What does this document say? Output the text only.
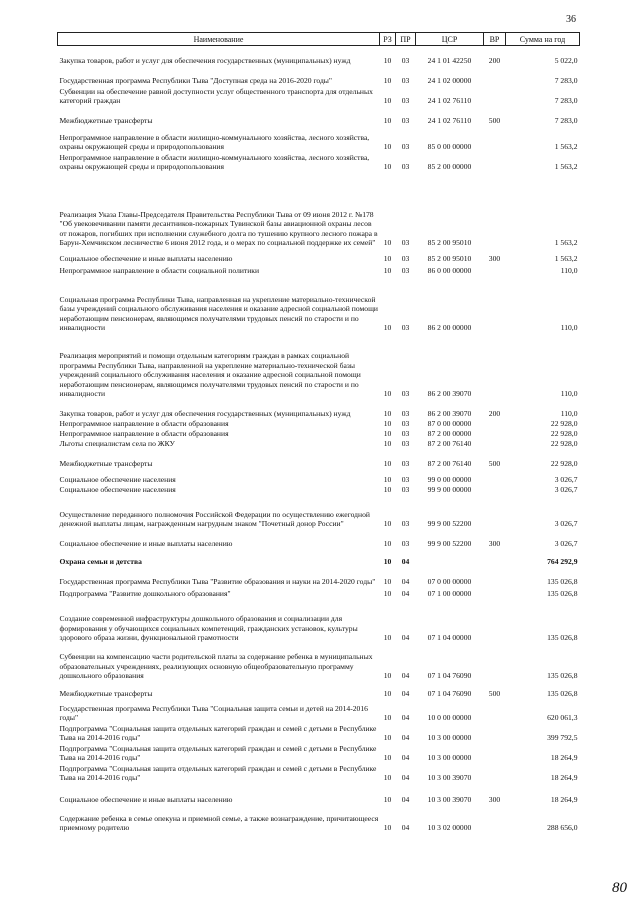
36
Наименование	РЗ	ПР	ЦСР	ВР	Сумма на год
Закупка товаров, работ и услуг для обеспечения государственных (муниципальных) нужд	10	03	24 1 01 42250	200	5 022,0
Государственная программа Республики Тыва "Доступная среда на 2016-2020 годы"	10	03	24 1 02 00000		7 283,0
Субвенции на обеспечение равной доступности услуг общественного транспорта для отдельных категорий граждан	10	03	24 1 02 76110		7 283,0
Межбюджетные трансферты	10	03	24 1 02 76110	500	7 283,0
Непрограммное направление в области жилищно-коммунального хозяйства, лесного хозяйства, охраны окружающей среды и природопользования	10	03	85 0 00 00000		1 563,2
Непрограммное направление в области жилищно-коммунального хозяйства, лесного хозяйства, охраны окружающей среды и природопользования	10	03	85 2 00 00000		1 563,2
Реализация Указа Главы-Председателя Правительства Республики Тыва от 09 июня 2012 г. №178 "Об увековечивании памяти десантников-пожарных Тувинской базы авиационной охраны лесов от пожаров, погибших при исполнении служебного долга по тушению крупного лесного пожара в Барун-Хемчикском лесничестве 6 июня 2012 года, и о мерах по социальной поддержке их семей"	10	03	85 2 00 95010		1 563,2
Социальное обеспечение и иные выплаты населению	10	03	85 2 00 95010	300	1 563,2
Непрограммное направление в области социальной политики	10	03	86 0 00 00000		110,0
Социальная программа Республики Тыва, направленная на укрепление материально-технической базы учреждений социального обслуживания населения и оказание адресной социальной помощи неработающим пенсионерам, являющимся получателями трудовых пенсий по старости и по инвалидности	10	03	86 2 00 00000		110,0
Реализация мероприятий и помощи отдельным категориям граждан в рамках социальной программы Республики Тыва, направленной на укрепление материально-технической базы учреждений социального обслуживания населения и оказание адресной социальной помощи неработающим пенсионерам, являющимся получателями трудовых пенсий по старости и по инвалидности	10	03	86 2 00 39070		110,0
Закупка товаров, работ и услуг для обеспечения государственных (муниципальных) нужд	10	03	86 2 00 39070	200	110,0
Непрограммное направление в области образования	10	03	87 0 00 00000		22 928,0
Непрограммное направление в области образования	10	03	87 2 00 00000		22 928,0
Льготы специалистам села по ЖКУ	10	03	87 2 00 76140		22 928,0
Межбюджетные трансферты	10	03	87 2 00 76140	500	22 928,0
Социальное обеспечение населения	10	03	99 0 00 00000		3 026,7
Социальное обеспечение населения	10	03	99 9 00 00000		3 026,7
Осуществление переданного полномочия Российской Федерации по осуществлению ежегодной денежной выплаты лицам, награжденным нагрудным знаком "Почетный донор России"	10	03	99 9 00 52200		3 026,7
Социальное обеспечение и иные выплаты населению	10	03	99 9 00 52200	300	3 026,7
Охрана семьи и детства	10	04			764 292,9
Государственная программа Республики Тыва "Развитие образования и науки на 2014-2020 годы"	10	04	07 0 00 00000		135 026,8
Подпрограмма "Развитие дошкольного образования"	10	04	07 1 00 00000		135 026,8
Создание современной инфраструктуры дошкольного образования и социализации для формирования у обучающихся социальных компетенций, гражданских установок, культуры здорового образа жизни, функциональной грамотности	10	04	07 1 04 00000		135 026,8
Субвенции на компенсацию части родительской платы за содержание ребенка в муниципальных образовательных учреждениях, реализующих основную общеобразовательную программу дошкольного образования	10	04	07 1 04 76090		135 026,8
Межбюджетные трансферты	10	04	07 1 04 76090	500	135 026,8
Государственная программа Республики Тыва "Социальная защита семьи и детей на 2014-2016 годы"	10	04	10 0 00 00000		620 061,3
Подпрограмма "Социальная защита отдельных категорий граждан и семей с детьми в Республике Тыва на 2014-2016 годы"	10	04	10 3 00 00000		399 792,5
Подпрограмма "Социальная защита отдельных категорий граждан и семей с детьми в Республике Тыва на 2014-2016 годы"	10	04	10 3 00 00000		18 264,9
Подпрограмма "Социальная защита отдельных категорий граждан и семей с детьми в Республике Тыва на 2014-2016 годы"	10	04	10 3 00 39070		18 264,9
Социальное обеспечение и иные выплаты населению	10	04	10 3 00 39070	300	18 264,9
Содержание ребенка в семье опекуна и приемной семье, а также вознаграждение, причитающееся приемному родителю	10	04	10 3 02 00000		288 656,0
80
